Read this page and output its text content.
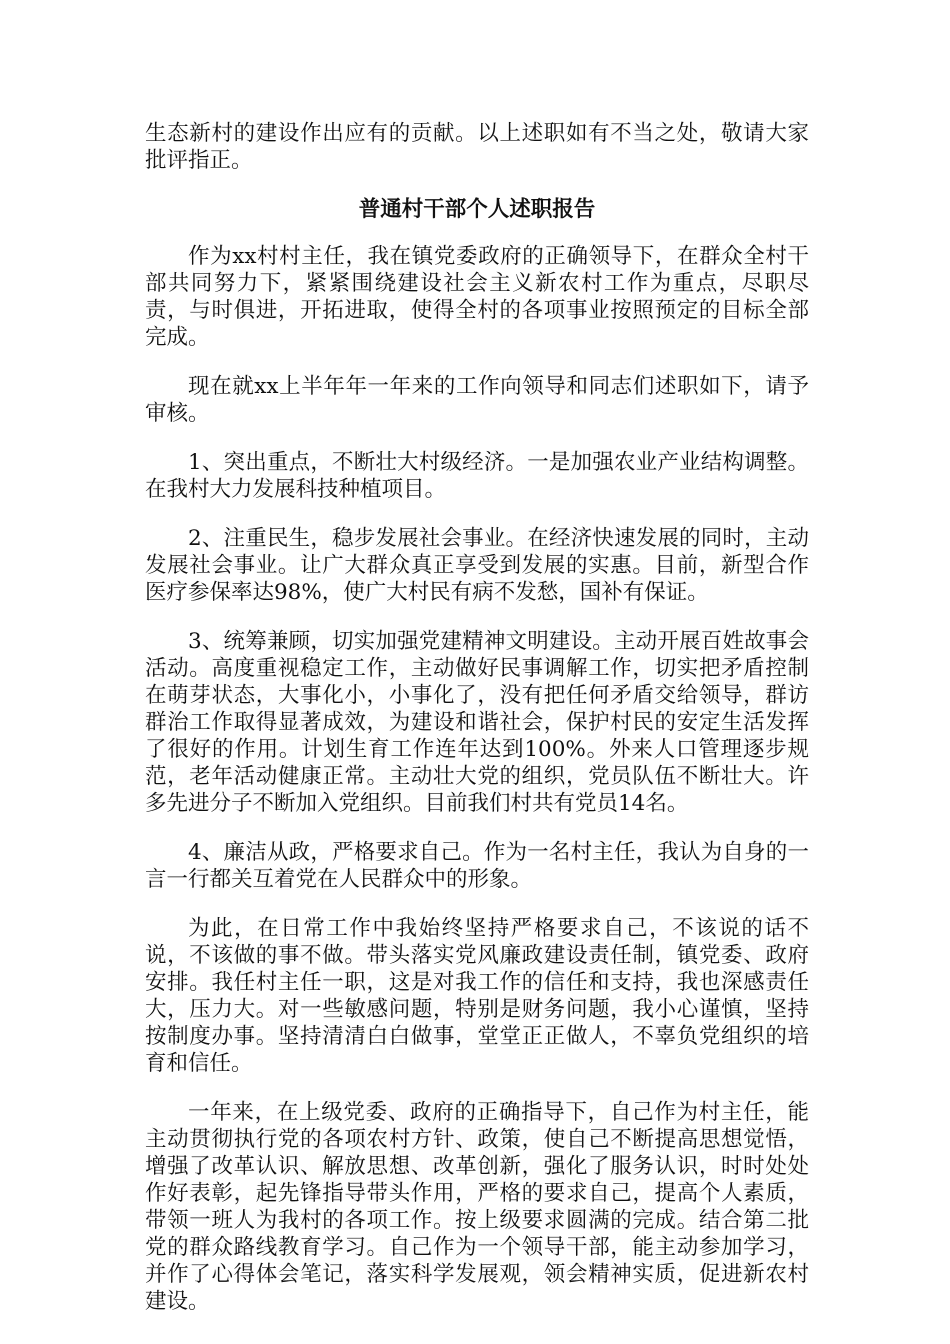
生态新村的建设作出应有的贡献。以上述职如有不当之处，敬请大家批评指正。

普通村干部个人述职报告

作为xx村村主任，我在镇党委政府的正确领导下，在群众全村干部共同努力下，紧紧围绕建设社会主义新农村工作为重点，尽职尽责，与时俱进，开拓进取，使得全村的各项事业按照预定的目标全部完成。

现在就xx上半年年一年来的工作向领导和同志们述职如下，请予审核。

1、突出重点，不断壮大村级经济。一是加强农业产业结构调整。在我村大力发展科技种植项目。

2、注重民生，稳步发展社会事业。在经济快速发展的同时，主动发展社会事业。让广大群众真正享受到发展的实惠。目前，新型合作医疗参保率达98%，使广大村民有病不发愁，国补有保证。

3、统筹兼顾，切实加强党建精神文明建设。主动开展百姓故事会活动。高度重视稳定工作，主动做好民事调解工作，切实把矛盾控制在萌芽状态，大事化小，小事化了，没有把任何矛盾交给领导，群访群治工作取得显著成效，为建设和谐社会，保护村民的安定生活发挥了很好的作用。计划生育工作连年达到100%。外来人口管理逐步规范，老年活动健康正常。主动壮大党的组织，党员队伍不断壮大。许多先进分子不断加入党组织。目前我们村共有党员14名。

4、廉洁从政，严格要求自己。作为一名村主任，我认为自身的一言一行都关互着党在人民群众中的形象。

为此，在日常工作中我始终坚持严格要求自己，不该说的话不说，不该做的事不做。带头落实党风廉政建设责任制，镇党委、政府安排。我任村主任一职，这是对我工作的信任和支持，我也深感责任大，压力大。对一些敏感问题，特别是财务问题，我小心谨慎，坚持按制度办事。坚持清清白白做事，堂堂正正做人，不辜负党组织的培育和信任。

一年来，在上级党委、政府的正确指导下，自己作为村主任，能主动贯彻执行党的各项农村方针、政策，使自己不断提高思想觉悟，增强了改革认识、解放思想、改革创新，强化了服务认识，时时处处作好表彰，起先锋指导带头作用，严格的要求自己，提高个人素质，带领一班人为我村的各项工作。按上级要求圆满的完成。结合第二批党的群众路线教育学习。自己作为一个领导干部，能主动参加学习，并作了心得体会笔记，落实科学发展观，领会精神实质，促进新农村建设。
